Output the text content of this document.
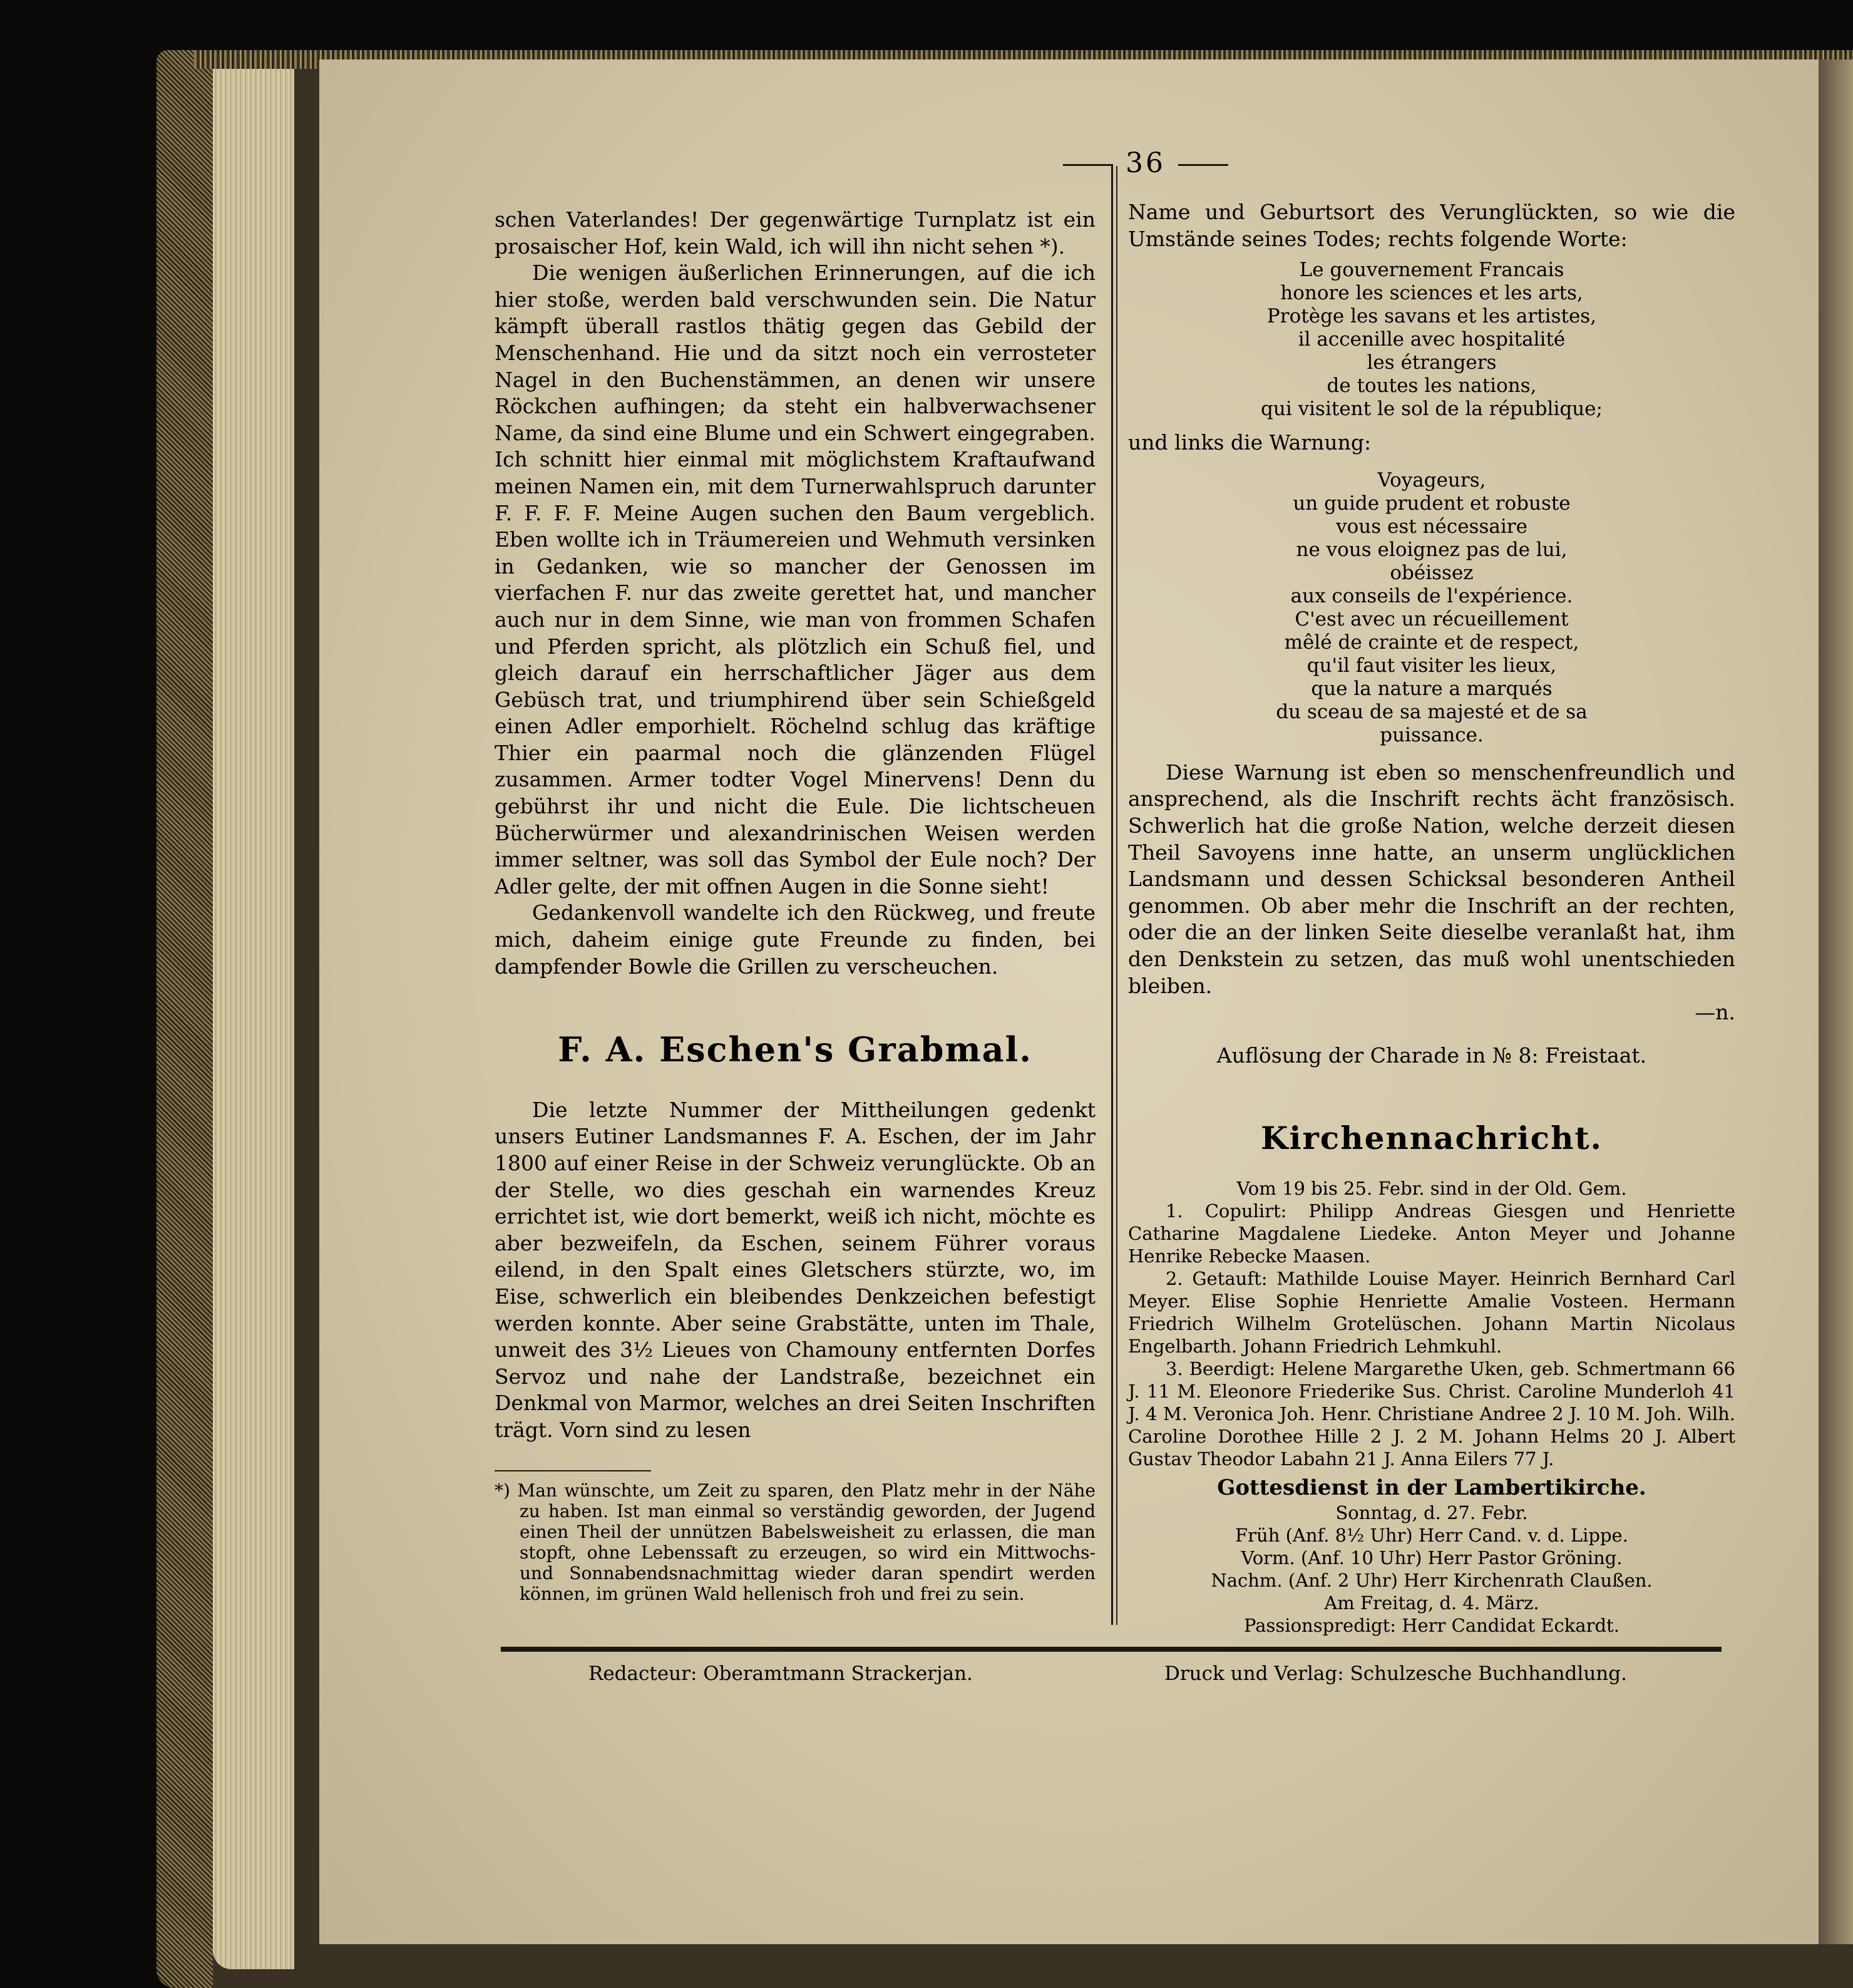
36

schen Vaterlandes! Der gegenwärtige Turnplatz ist ein prosaischer Hof, kein Wald, ich will ihn nicht sehen *).

Die wenigen äußerlichen Erinnerungen, auf die ich hier stoße, werden bald verschwunden sein. Die Natur kämpft überall rastlos thätig gegen das Gebild der Menschenhand. Hie und da sitzt noch ein verrosteter Nagel in den Buchenstämmen, an denen wir unsere Röckchen aufhingen; da steht ein halbverwachsener Name, da sind eine Blume und ein Schwert eingegraben. Ich schnitt hier einmal mit möglichstem Kraftaufwand meinen Namen ein, mit dem Turnerwahlspruch darunter F. F. F. F. Meine Augen suchen den Baum vergeblich. Eben wollte ich in Träumereien und Wehmuth versinken in Gedanken, wie so mancher der Genossen im vierfachen F. nur das zweite gerettet hat, und mancher auch nur in dem Sinne, wie man von frommen Schafen und Pferden spricht, als plötzlich ein Schuß fiel, und gleich darauf ein herrschaftlicher Jäger aus dem Gebüsch trat, und triumphirend über sein Schießgeld einen Adler emporhielt. Röchelnd schlug das kräftige Thier ein paarmal noch die glänzenden Flügel zusammen. Armer todter Vogel Minervens! Denn du gebührst ihr und nicht die Eule. Die lichtscheuen Bücherwürmer und alexandrinischen Weisen werden immer seltner, was soll das Symbol der Eule noch? Der Adler gelte, der mit offnen Augen in die Sonne sieht!

Gedankenvoll wandelte ich den Rückweg, und freute mich, daheim einige gute Freunde zu finden, bei dampfender Bowle die Grillen zu verscheuchen.

F. A. Eschen's Grabmal.

Die letzte Nummer der Mittheilungen gedenkt unsers Eutiner Landsmannes F. A. Eschen, der im Jahr 1800 auf einer Reise in der Schweiz verunglückte. Ob an der Stelle, wo dies geschah ein warnendes Kreuz errichtet ist, wie dort bemerkt, weiß ich nicht, möchte es aber bezweifeln, da Eschen, seinem Führer voraus eilend, in den Spalt eines Gletschers stürzte, wo, im Eise, schwerlich ein bleibendes Denkzeichen befestigt werden konnte. Aber seine Grabstätte, unten im Thale, unweit des 3½ Lieues von Chamouny entfernten Dorfes Servoz und nahe der Landstraße, bezeichnet ein Denkmal von Marmor, welches an drei Seiten Inschriften trägt. Vorn sind zu lesen

*) Man wünschte, um Zeit zu sparen, den Platz mehr in der Nähe zu haben. Ist man einmal so verständig geworden, der Jugend einen Theil der unnützen Babelsweisheit zu erlassen, die man stopft, ohne Lebenssaft zu erzeugen, so wird ein Mittwochs- und Sonnabendsnachmittag wieder daran spendirt werden können, im grünen Wald hellenisch froh und frei zu sein.

Name und Geburtsort des Verunglückten, so wie die Umstände seines Todes; rechts folgende Worte:

Le gouvernement Francais
honore les sciences et les arts,
Protège les savans et les artistes,
il accenille avec hospitalité
les étrangers
de toutes les nations,
qui visitent le sol de la république;

und links die Warnung:

Voyageurs,
un guide prudent et robuste
vous est nécessaire
ne vous eloignez pas de lui,
obéissez
aux conseils de l'expérience.
C'est avec un récueillement
mêlé de crainte et de respect,
qu'il faut visiter les lieux,
que la nature a marqués
du sceau de sa majesté et de sa
puissance.

Diese Warnung ist eben so menschenfreundlich und ansprechend, als die Inschrift rechts ächt französisch. Schwerlich hat die große Nation, welche derzeit diesen Theil Savoyens inne hatte, an unserm unglücklichen Landsmann und dessen Schicksal besonderen Antheil genommen. Ob aber mehr die Inschrift an der rechten, oder die an der linken Seite dieselbe veranlaßt hat, ihm den Denkstein zu setzen, das muß wohl unentschieden bleiben.

—n.

Auflösung der Charade in № 8: Freistaat.

Kirchennachricht.

Vom 19 bis 25. Febr. sind in der Old. Gem.

1. Copulirt: Philipp Andreas Giesgen und Henriette Catharine Magdalene Liedeke. Anton Meyer und Johanne Henrike Rebecke Maasen.

2. Getauft: Mathilde Louise Mayer. Heinrich Bernhard Carl Meyer. Elise Sophie Henriette Amalie Vosteen. Hermann Friedrich Wilhelm Grotelüschen. Johann Martin Nicolaus Engelbarth. Johann Friedrich Lehmkuhl.

3. Beerdigt: Helene Margarethe Uken, geb. Schmertmann 66 J. 11 M. Eleonore Friederike Sus. Christ. Caroline Munderloh 41 J. 4 M. Veronica Joh. Henr. Christiane Andree 2 J. 10 M. Joh. Wilh. Caroline Dorothee Hille 2 J. 2 M. Johann Helms 20 J. Albert Gustav Theodor Labahn 21 J. Anna Eilers 77 J.

Gottesdienst in der Lambertikirche.

Sonntag, d. 27. Febr.

Früh (Anf. 8½ Uhr) Herr Cand. v. d. Lippe.

Vorm. (Anf. 10 Uhr) Herr Pastor Gröning.

Nachm. (Anf. 2 Uhr) Herr Kirchenrath Claußen.

Am Freitag, d. 4. März.

Passionspredigt: Herr Candidat Eckardt.

Redacteur: Oberamtmann Strackerjan.	Druck und Verlag: Schulzesche Buchhandlung.
